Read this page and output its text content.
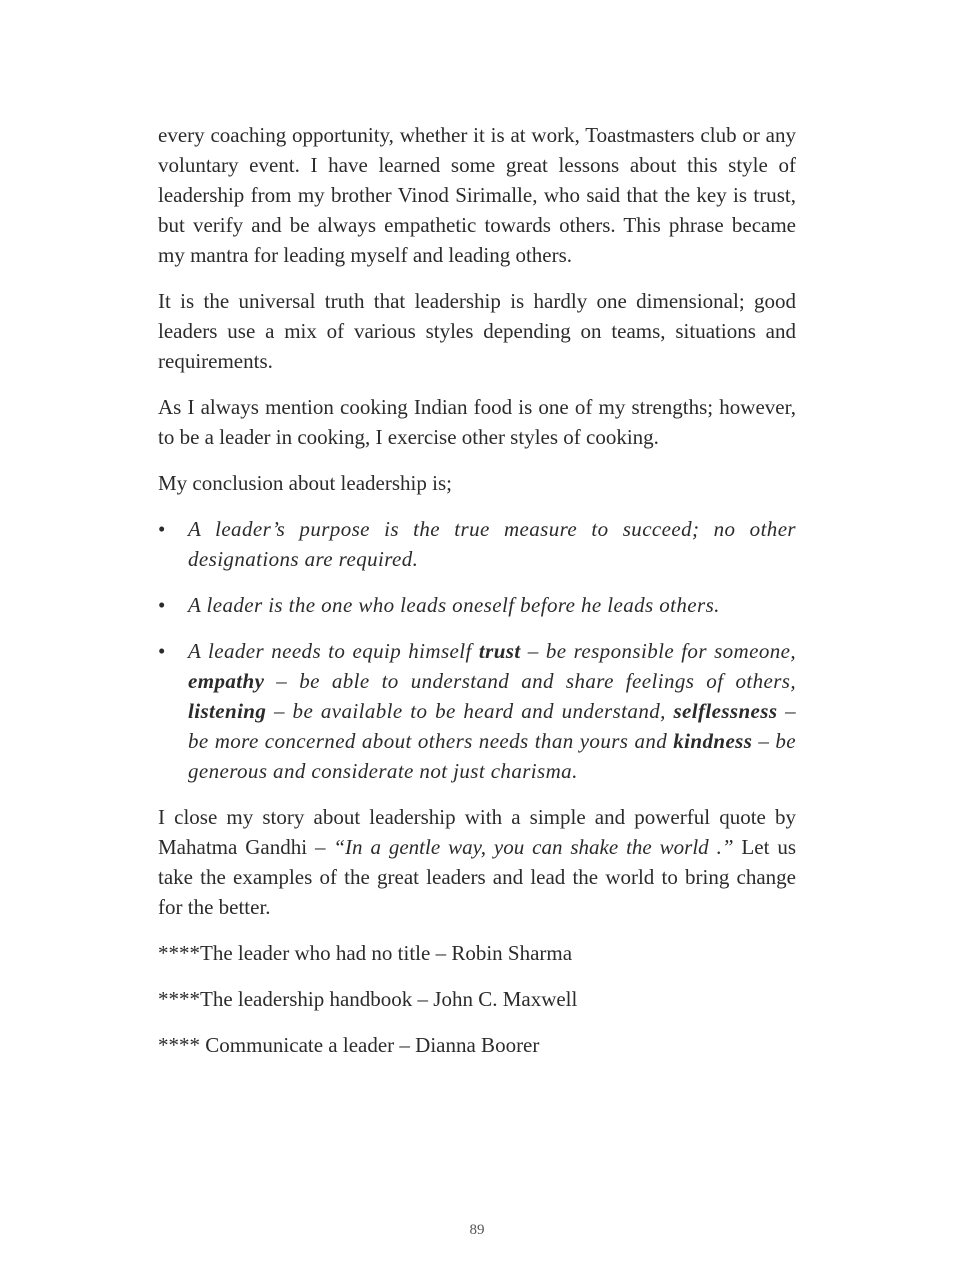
every coaching opportunity, whether it is at work, Toastmasters club or any voluntary event. I have learned some great lessons about this style of leadership from my brother Vinod Sirimalle, who said that the key is trust, but verify and be always empathetic towards others. This phrase became my mantra for leading myself and leading others.

It is the universal truth that leadership is hardly one dimensional; good leaders use a mix of various styles depending on teams, situations and requirements.

As I always mention cooking Indian food is one of my strengths; however, to be a leader in cooking, I exercise other styles of cooking.

My conclusion about leadership is;

• A leader’s purpose is the true measure to succeed; no other designations are required.
• A leader is the one who leads oneself before he leads others.
• A leader needs to equip himself trust – be responsible for someone, empathy – be able to understand and share feelings of others, listening – be available to be heard and understand, selflessness – be more concerned about others needs than yours and kindness – be generous and considerate not just charisma.

I close my story about leadership with a simple and powerful quote by Mahatma Gandhi – “In a gentle way, you can shake the world .” Let us take the examples of the great leaders and lead the world to bring change for the better.

****The leader who had no title – Robin Sharma

****The leadership handbook – John C. Maxwell

**** Communicate a leader – Dianna Boorer

89
